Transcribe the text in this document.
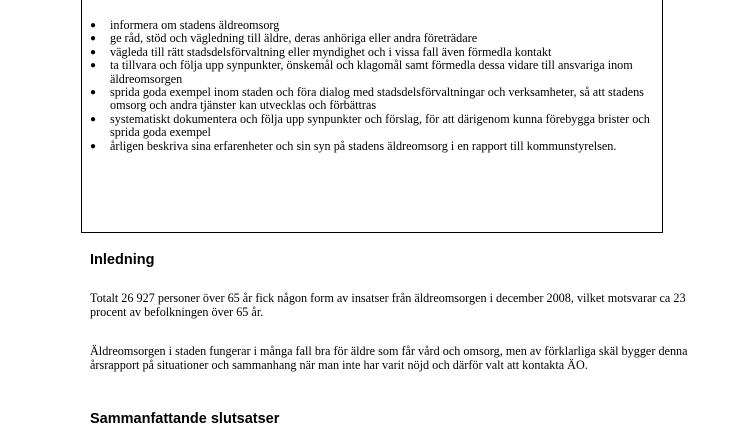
● informera om stadens äldreomsorg
● ge råd, stöd och vägledning till äldre, deras anhöriga eller andra företrädare
● vägleda till rätt stadsdelsförvaltning eller myndighet och i vissa fall även förmedla kontakt
● ta tillvara och följa upp synpunkter, önskemål och klagomål samt förmedla dessa vidare till ansvariga inom äldreomsorgen
● sprida goda exempel inom staden och föra dialog med stadsdelsförvaltningar och verksamheter, så att stadens omsorg och andra tjänster kan utvecklas och förbättras
● systematiskt dokumentera och följa upp synpunkter och förslag, för att därigenom kunna förebygga brister och sprida goda exempel
● årligen beskriva sina erfarenheter och sin syn på stadens äldreomsorg i en rapport till kommunstyrelsen.
Inledning

Totalt 26 927 personer över 65 år fick någon form av insatser från äldreomsorgen i december 2008, vilket motsvarar ca 23 procent av befolkningen över 65 år.

Äldreomsorgen i staden fungerar i många fall bra för äldre som får vård och omsorg, men av förklarliga skäl bygger denna årsrapport på situationer och sammanhang när man inte har varit nöjd och därför valt att kontakta ÄO.

Sammanfattande slutsatser
